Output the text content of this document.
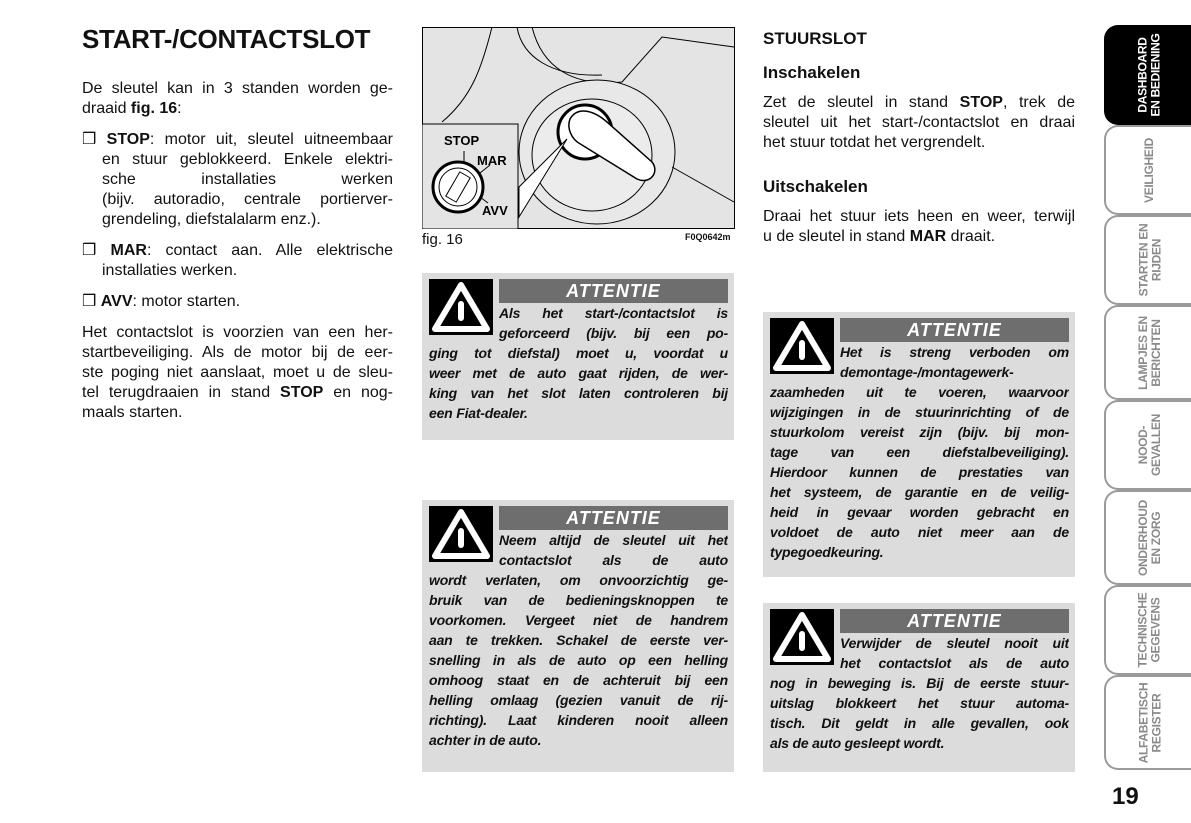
START-/CONTACTSLOT
De sleutel kan in 3 standen worden ge-
draaid fig. 16:
❒ STOP: motor uit, sleutel uitneembaar
en stuur geblokkeerd. Enkele elektri-
sche installaties werken
(bijv. autoradio, centrale portierver-
grendeling, diefstalalarm enz.).
❒ MAR: contact aan. Alle elektrische
installaties werken.
❒ AVV: motor starten.
Het contactslot is voorzien van een her-
startbeveiliging. Als de motor bij de eer-
ste poging niet aanslaat, moet u de sleu-
tel terugdraaien in stand STOP en nog-
maals starten.
STOP
MAR
AVV
fig. 16	F0Q0642m
STUURSLOT
Inschakelen
Zet de sleutel in stand STOP, trek de
sleutel uit het start-/contactslot en draai
het stuur totdat het vergrendelt.
Uitschakelen
Draai het stuur iets heen en weer, terwijl
u de sleutel in stand MAR draait.
ATTENTIE
Als het start-/contactslot is
geforceerd (bijv. bij een po-
ging tot diefstal) moet u, voordat u
weer met de auto gaat rijden, de wer-
king van het slot laten controleren bij
een Fiat-dealer.
ATTENTIE
Neem altijd de sleutel uit het
contactslot als de auto
wordt verlaten, om onvoorzichtig ge-
bruik van de bedieningsknoppen te
voorkomen. Vergeet niet de handrem
aan te trekken. Schakel de eerste ver-
snelling in als de auto op een helling
omhoog staat en de achteruit bij een
helling omlaag (gezien vanuit de rij-
richting). Laat kinderen nooit alleen
achter in de auto.
ATTENTIE
Het is streng verboden om
demontage-/montagewerk-
zaamheden uit te voeren, waarvoor
wijzigingen in de stuurinrichting of de
stuurkolom vereist zijn (bijv. bij mon-
tage van een diefstalbeveiliging).
Hierdoor kunnen de prestaties van
het systeem, de garantie en de veilig-
heid in gevaar worden gebracht en
voldoet de auto niet meer aan de
typegoedkeuring.
ATTENTIE
Verwijder de sleutel nooit uit
het contactslot als de auto
nog in beweging is. Bij de eerste stuur-
uitslag blokkeert het stuur automa-
tisch. Dit geldt in alle gevallen, ook
als de auto gesleept wordt.
DASHBOARD
EN BEDIENING
VEILIGHEID
STARTEN EN
RIJDEN
LAMPJES EN
BERICHTEN
NOOD-
GEVALLEN
ONDERHOUD
EN ZORG
TECHNISCHE
GEGEVENS
ALFABETISCH
REGISTER
19
